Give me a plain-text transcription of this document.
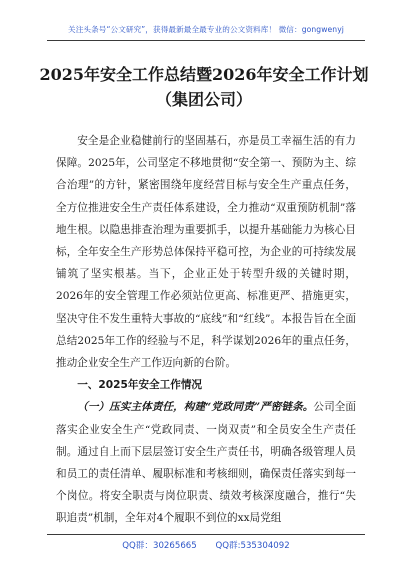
关注头条号“公文研究”，获得最新最全最专业的公文资料库！ 微信：gongwenyj
2025年安全工作总结暨2026年安全工作计划（集团公司）

安全是企业稳健前行的坚固基石，亦是员工幸福生活的有力保障。2025年，公司坚定不移地贯彻“安全第一、预防为主、综合治理”的方针，紧密围绕年度经营目标与安全生产重点任务，全方位推进安全生产责任体系建设，全力推动“双重预防机制”落地生根。以隐患排查治理为重要抓手，以提升基础能力为核心目标，全年安全生产形势总体保持平稳可控，为企业的可持续发展铺筑了坚实根基。当下，企业正处于转型升级的关键时期，2026年的安全管理工作必须站位更高、标准更严、措施更实，坚决守住不发生重特大事故的“底线”和“红线”。本报告旨在全面总结2025年工作的经验与不足，科学谋划2026年的重点任务，推动企业安全生产工作迈向新的台阶。

一、2025年安全工作情况

（一）压实主体责任，构建“党政同责”严密链条。公司全面落实企业安全生产“党政同责、一岗双责”和全员安全生产责任制。通过自上而下层层签订安全生产责任书，明确各级管理人员和员工的责任清单、履职标准和考核细则，确保责任落实到每一个岗位。将安全职责与岗位职责、绩效考核深度融合，推行“失职追责”机制，全年对4个履职不到位的xx局党组

QQ群：30265665 QQ群:535304092
